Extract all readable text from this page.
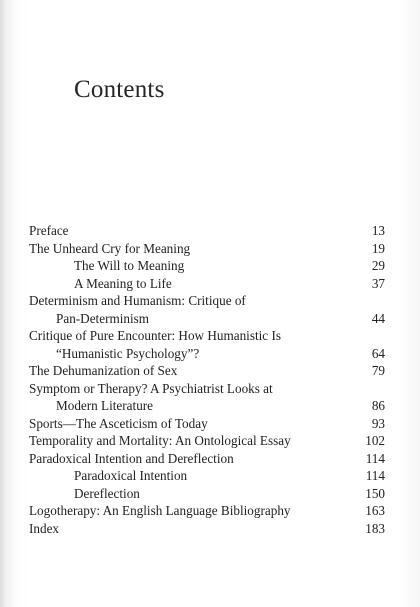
Contents
Preface	13
The Unheard Cry for Meaning	19
The Will to Meaning	29
A Meaning to Life	37
Determinism and Humanism: Critique of
Pan-Determinism	44
Critique of Pure Encounter: How Humanistic Is
“Humanistic Psychology”?	64
The Dehumanization of Sex	79
Symptom or Therapy? A Psychiatrist Looks at
Modern Literature	86
Sports—The Asceticism of Today	93
Temporality and Mortality: An Ontological Essay	102
Paradoxical Intention and Dereflection	114
Paradoxical Intention	114
Dereflection	150
Logotherapy: An English Language Bibliography	163
Index	183
